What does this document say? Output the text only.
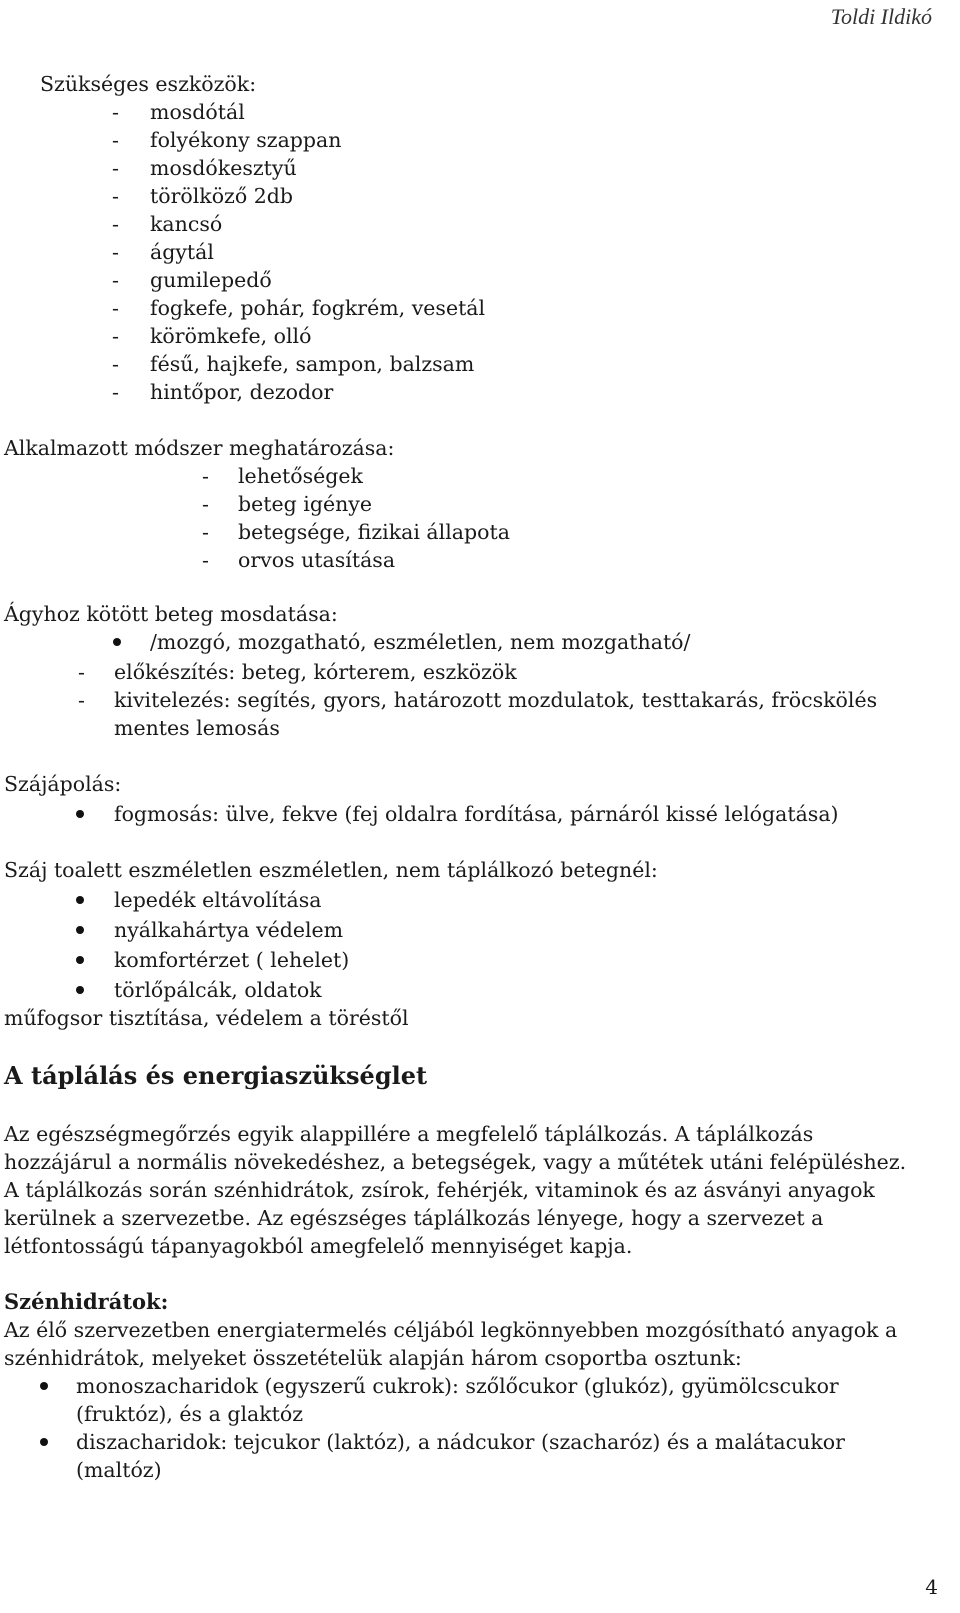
Toldi Ildikó
Szükséges eszközök:
- mosdótál
- folyékony szappan
- mosdókesztyű
- törölköző 2db
- kancsó
- ágytál
- gumilepedő
- fogkefe, pohár, fogkrém, vesetál
- körömkefe, olló
- fésű, hajkefe, sampon, balzsam
- hintőpor, dezodor
Alkalmazott módszer meghatározása:
- lehetőségek
- beteg igénye
- betegsége, fizikai állapota
- orvos utasítása
Ágyhoz kötött beteg mosdatása:
/mozgó, mozgatható, eszméletlen, nem mozgatható/
- előkészítés: beteg, kórterem, eszközök
- kivitelezés: segítés, gyors, határozott mozdulatok, testtakarás, fröcskölés
mentes lemosás
Szájápolás:
fogmosás: ülve, fekve (fej oldalra fordítása, párnáról kissé lelógatása)
Száj toalett eszméletlen eszméletlen, nem táplálkozó betegnél:
lepedék eltávolítása
nyálkahártya védelem
komfortérzet ( lehelet)
törlőpálcák, oldatok
műfogsor tisztítása, védelem a töréstől
A táplálás és energiaszükséglet
Az egészségmegőrzés egyik alappillére a megfelelő táplálkozás. A táplálkozás
hozzájárul a normális növekedéshez, a betegségek, vagy a műtétek utáni felépüléshez.
A táplálkozás során szénhidrátok, zsírok, fehérjék, vitaminok és az ásványi anyagok
kerülnek a szervezetbe. Az egészséges táplálkozás lényege, hogy a szervezet a
létfontosságú tápanyagokból amegfelelő mennyiséget kapja.
Szénhidrátok:
Az élő szervezetben energiatermelés céljából legkönnyebben mozgósítható anyagok a
szénhidrátok, melyeket összetételük alapján három csoportba osztunk:
monoszacharidok (egyszerű cukrok): szőlőcukor (glukóz), gyümölcscukor
(fruktóz), és a glaktóz
diszacharidok: tejcukor (laktóz), a nádcukor (szacharóz) és a malátacukor
(maltóz)
4
